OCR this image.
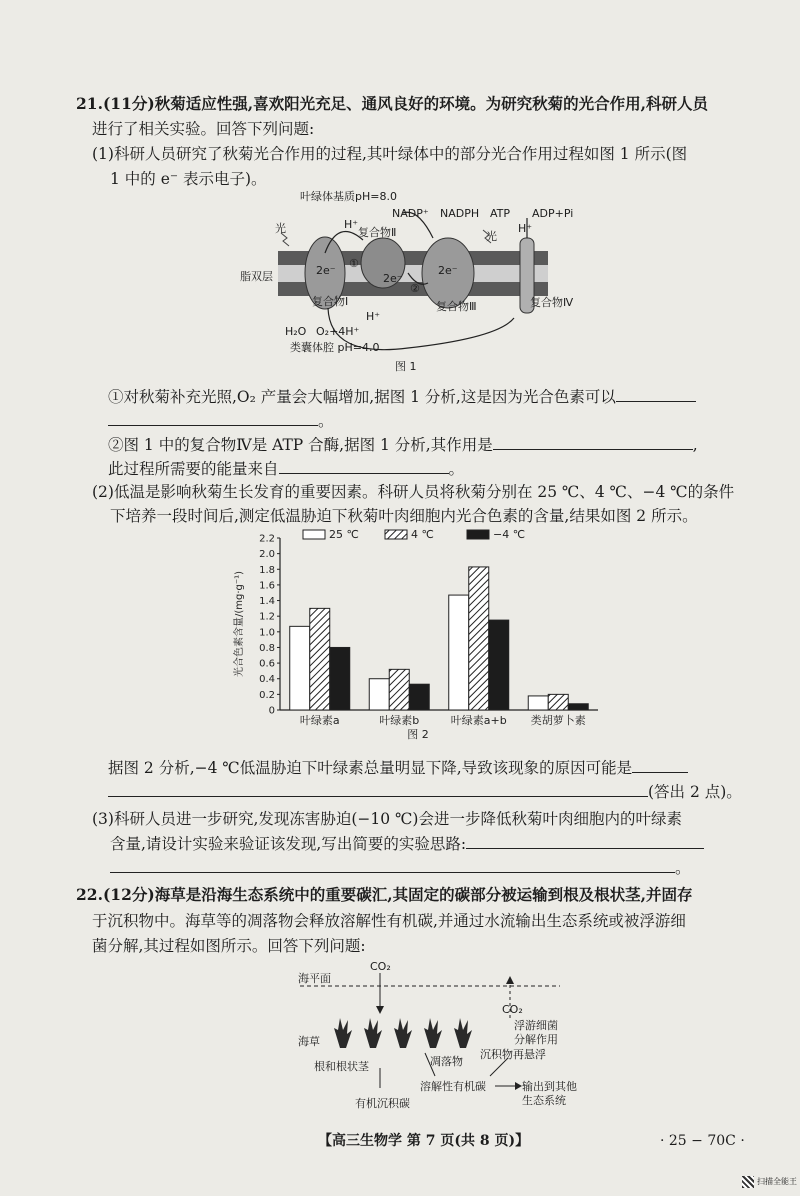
21.(11分)秋菊适应性强,喜欢阳光充足、通风良好的环境。为研究秋菊的光合作用,科研人员
进行了相关实验。回答下列问题:
(1)科研人员研究了秋菊光合作用的过程,其叶绿体中的部分光合作用过程如图 1 所示(图
1 中的 e⁻ 表示电子)。
叶绿体基质pH=8.0
NADP⁺ NADPH ATP ADP+Pi
光	H⁺
复合物Ⅱ	光
H⁺
2e⁻
①
2e⁻
②
2e⁻
脂双层
复合物Ⅰ	复合物Ⅲ	复合物Ⅳ
H⁺
H₂O O₂+4H⁺
类囊体腔 pH=4.0
图 1
①对秋菊补充光照,O₂ 产量会大幅增加,据图 1 分析,这是因为光合色素可以
。
②图 1 中的复合物Ⅳ是 ATP 合酶,据图 1 分析,其作用是	,
此过程所需要的能量来自	。
(2)低温是影响秋菊生长发育的重要因素。科研人员将秋菊分别在 25 ℃、4 ℃、−4 ℃的条件
下培养一段时间后,测定低温胁迫下秋菊叶肉细胞内光合色素的含量,结果如图 2 所示。
0
0.2
0.4
0.6
0.8
1.0
1.2
1.4
1.6
1.8
2.0
2.2
光合色素含量/(mg·g⁻¹)
叶绿素a	叶绿素b	叶绿素a+b 类胡萝卜素
25 ℃	4 ℃	−4 ℃
图 2
据图 2 分析,−4 ℃低温胁迫下叶绿素总量明显下降,导致该现象的原因可能是
(答出 2 点)。
(3)科研人员进一步研究,发现冻害胁迫(−10 ℃)会进一步降低秋菊叶肉细胞内的叶绿素
含量,请设计实验来验证该发现,写出简要的实验思路:
。
22.(12分)海草是沿海生态系统中的重要碳汇,其固定的碳部分被运输到根及根状茎,并固存
于沉积物中。海草等的凋落物会释放溶解性有机碳,并通过水流输出生态系统或被浮游细
菌分解,其过程如图所示。回答下列问题:
海平面
CO₂
CO₂
浮游细菌
分解作用
海草
沉积物再悬浮
凋落物
根和根状茎
溶解性有机碳	输出到其他
生态系统
有机沉积碳
【高三生物学 第 7 页(共 8 页)】	· 25 − 70C ·
扫描全能王
